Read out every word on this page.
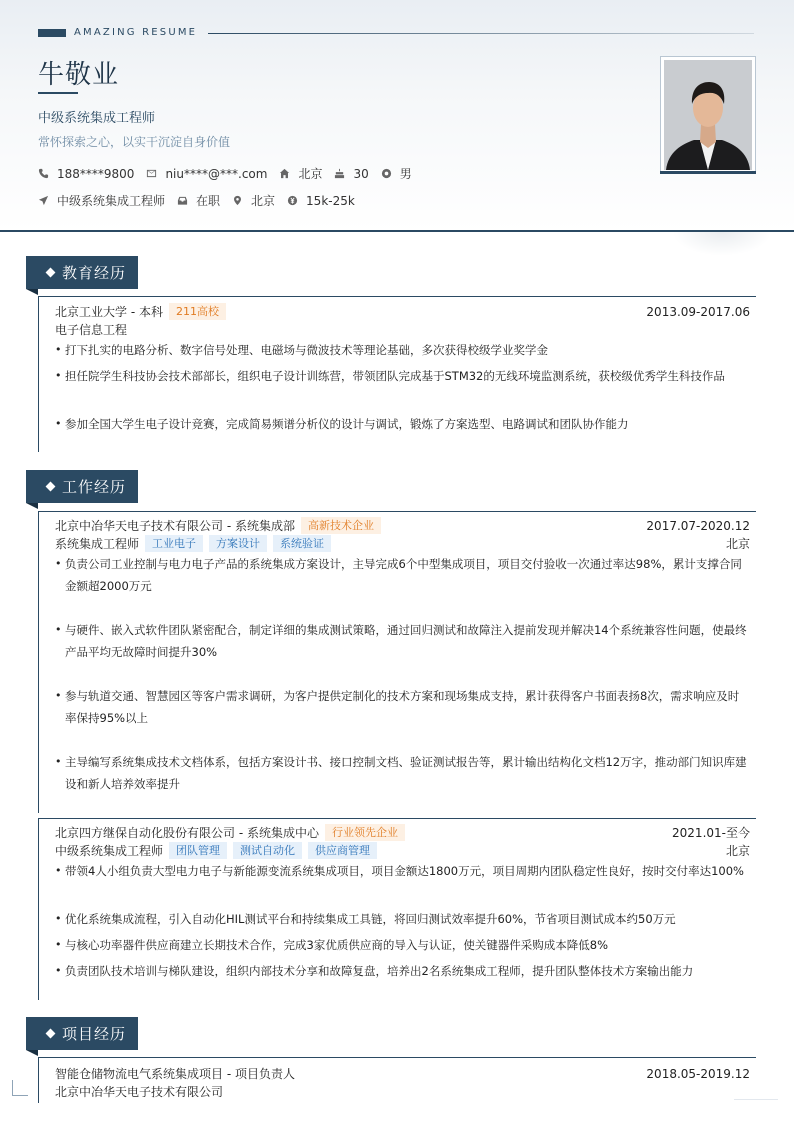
AMAZING RESUME
牛敬业
中级系统集成工程师
常怀探索之心，以实干沉淀自身价值
188****9800	niu****@***.com	北京	30	男
中级系统集成工程师	在职	北京	15k-25k
教育经历
北京工业大学 - 本科	211高校	2013.09-2017.06
电子信息工程
• 打下扎实的电路分析、数字信号处理、电磁场与微波技术等理论基础，多次获得校级学业奖学金
• 担任院学生科技协会技术部部长，组织电子设计训练营，带领团队完成基于STM32的无线环境监测系统，获校级优秀学生科技作品
• 参加全国大学生电子设计竞赛，完成简易频谱分析仪的设计与调试，锻炼了方案选型、电路调试和团队协作能力
工作经历
北京中冶华天电子技术有限公司 - 系统集成部	高新技术企业	2017.07-2020.12
系统集成工程师	工业电子	方案设计	系统验证	北京
• 负责公司工业控制与电力电子产品的系统集成方案设计，主导完成6个中型集成项目，项目交付验收一次通过率达98%，累计支撑合同金额超2000万元
• 与硬件、嵌入式软件团队紧密配合，制定详细的集成测试策略，通过回归测试和故障注入提前发现并解决14个系统兼容性问题，使最终产品平均无故障时间提升30%
• 参与轨道交通、智慧园区等客户需求调研，为客户提供定制化的技术方案和现场集成支持，累计获得客户书面表扬8次，需求响应及时率保持95%以上
• 主导编写系统集成技术文档体系，包括方案设计书、接口控制文档、验证测试报告等，累计输出结构化文档12万字，推动部门知识库建设和新人培养效率提升
北京四方继保自动化股份有限公司 - 系统集成中心	行业领先企业	2021.01-至今
中级系统集成工程师	团队管理	测试自动化	供应商管理	北京
• 带领4人小组负责大型电力电子与新能源变流系统集成项目，项目金额达1800万元，项目周期内团队稳定性良好，按时交付率达100%
• 优化系统集成流程，引入自动化HIL测试平台和持续集成工具链，将回归测试效率提升60%，节省项目测试成本约50万元
• 与核心功率器件供应商建立长期技术合作，完成3家优质供应商的导入与认证，使关键器件采购成本降低8%
• 负责团队技术培训与梯队建设，组织内部技术分享和故障复盘，培养出2名系统集成工程师，提升团队整体技术方案输出能力
项目经历
智能仓储物流电气系统集成项目 - 项目负责人	2018.05-2019.12
北京中冶华天电子技术有限公司
